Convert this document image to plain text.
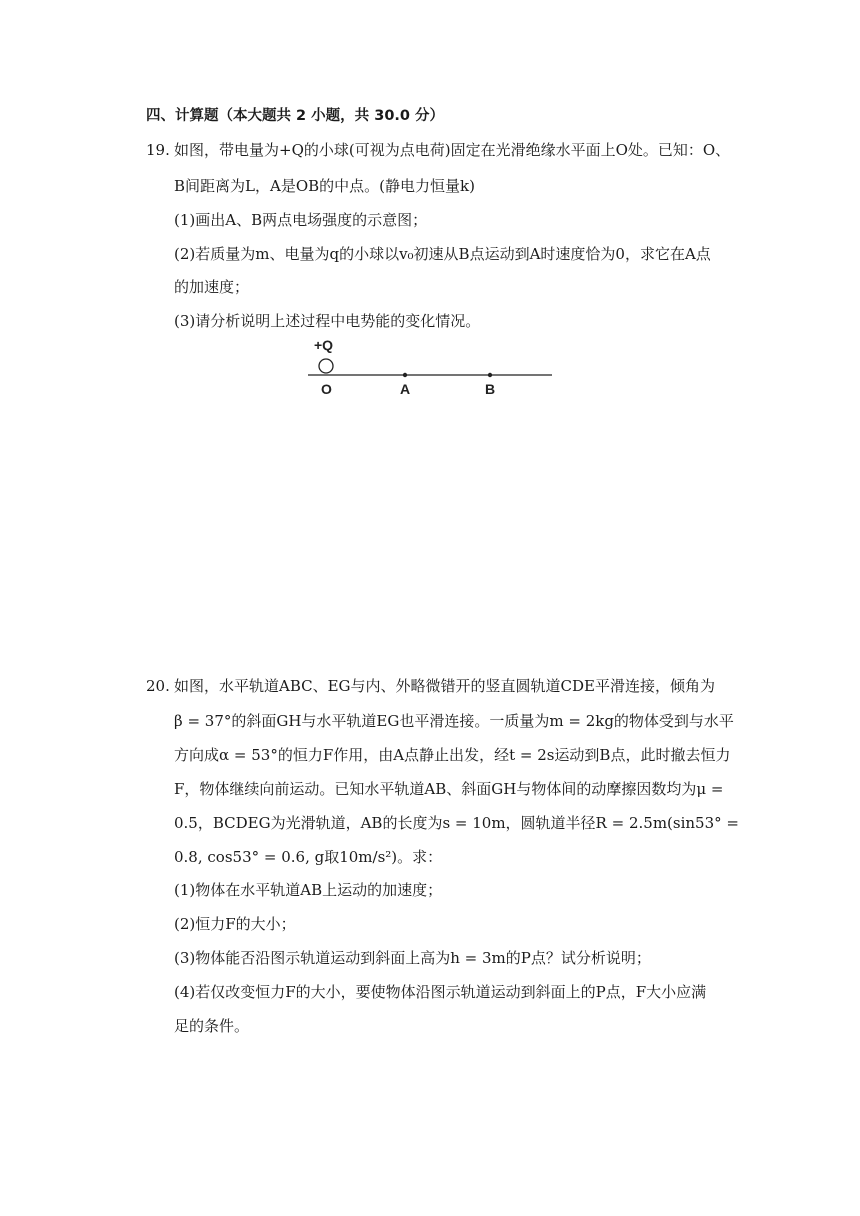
四、计算题（本大题共 2 小题，共 30.0 分）
19. 如图，带电量为+Q的小球(可视为点电荷)固定在光滑绝缘水平面上O处。已知：O、
B间距离为L，A是OB的中点。(静电力恒量k)
(1)画出A、B两点电场强度的示意图；
(2)若质量为m、电量为q的小球以v₀初速从B点运动到A时速度恰为0，求它在A点
的加速度；
(3)请分析说明上述过程中电势能的变化情况。
+Q
O	A	B
20. 如图，水平轨道ABC、EG与内、外略微错开的竖直圆轨道CDE平滑连接，倾角为
β = 37°的斜面GH与水平轨道EG也平滑连接。一质量为m = 2kg的物体受到与水平
方向成α = 53°的恒力F作用，由A点静止出发，经t = 2s运动到B点，此时撤去恒力
F，物体继续向前运动。已知水平轨道AB、斜面GH与物体间的动摩擦因数均为μ =
0.5，BCDEG为光滑轨道，AB的长度为s = 10m，圆轨道半径R = 2.5m(sin53° =
0.8, cos53° = 0.6, g取10m/s²)。求：
(1)物体在水平轨道AB上运动的加速度；
(2)恒力F的大小；
(3)物体能否沿图示轨道运动到斜面上高为h = 3m的P点？试分析说明；
(4)若仅改变恒力F的大小，要使物体沿图示轨道运动到斜面上的P点，F大小应满
足的条件。
